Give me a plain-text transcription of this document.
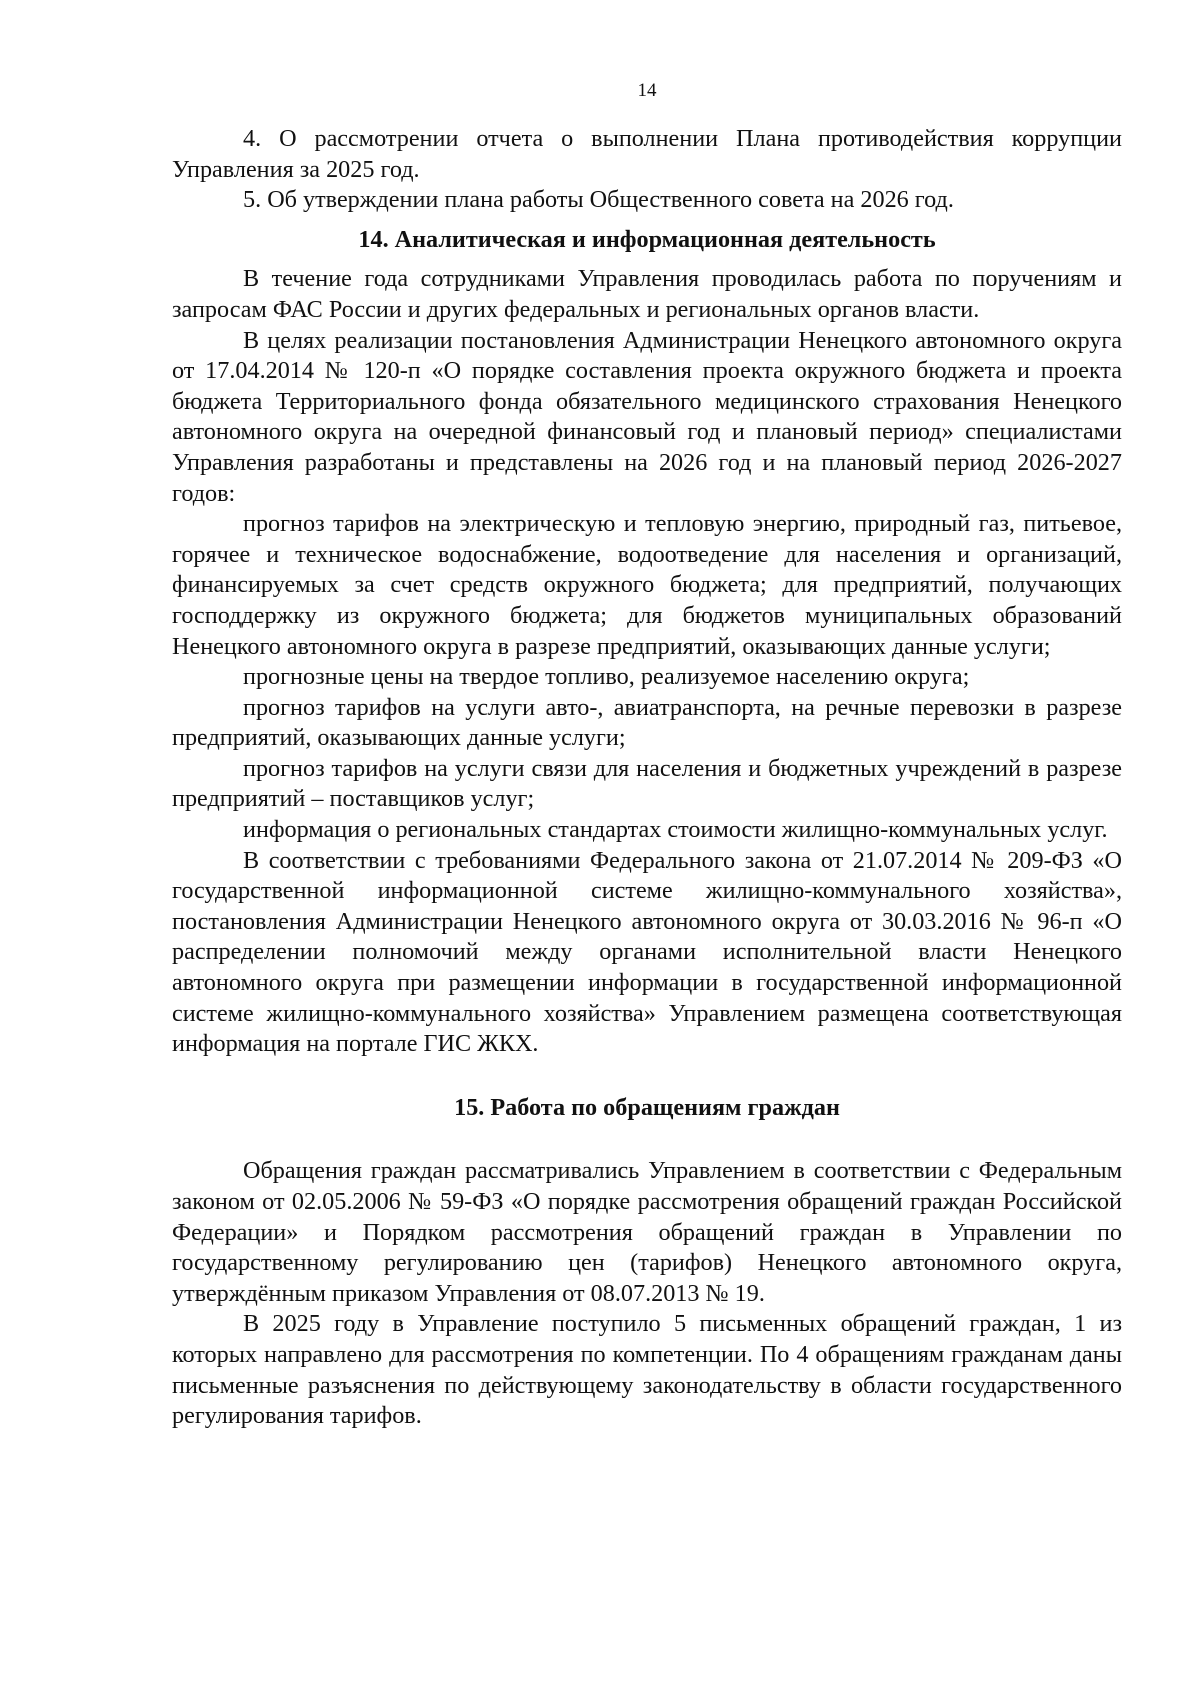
14

4. О рассмотрении отчета о выполнении Плана противодействия коррупции Управления за 2025 год.

5. Об утверждении плана работы Общественного совета на 2026 год.

14. Аналитическая и информационная деятельность

В течение года сотрудниками Управления проводилась работа по поручениям и запросам ФАС России и других федеральных и региональных органов власти.

В целях реализации постановления Администрации Ненецкого автономного округа от 17.04.2014 № 120-п «О порядке составления проекта окружного бюджета и проекта бюджета Территориального фонда обязательного медицинского страхования Ненецкого автономного округа на очередной финансовый год и плановый период» специалистами Управления разработаны и представлены на 2026 год и на плановый период 2026-2027 годов:

прогноз тарифов на электрическую и тепловую энергию, природный газ, питьевое, горячее и техническое водоснабжение, водоотведение для населения и организаций, финансируемых за счет средств окружного бюджета; для предприятий, получающих господдержку из окружного бюджета; для бюджетов муниципальных образований Ненецкого автономного округа в разрезе предприятий, оказывающих данные услуги;

прогнозные цены на твердое топливо, реализуемое населению округа;

прогноз тарифов на услуги авто-, авиатранспорта, на речные перевозки в разрезе предприятий, оказывающих данные услуги;

прогноз тарифов на услуги связи для населения и бюджетных учреждений в разрезе предприятий – поставщиков услуг;

информация о региональных стандартах стоимости жилищно-коммунальных услуг.

В соответствии с требованиями Федерального закона от 21.07.2014 № 209-ФЗ «О государственной информационной системе жилищно-коммунального хозяйства», постановления Администрации Ненецкого автономного округа от 30.03.2016 № 96-п «О распределении полномочий между органами исполнительной власти Ненецкого автономного округа при размещении информации в государственной информационной системе жилищно-коммунального хозяйства» Управлением размещена соответствующая информация на портале ГИС ЖКХ.

15. Работа по обращениям граждан

Обращения граждан рассматривались Управлением в соответствии с Федеральным законом от 02.05.2006 № 59-ФЗ «О порядке рассмотрения обращений граждан Российской Федерации» и Порядком рассмотрения обращений граждан в Управлении по государственному регулированию цен (тарифов) Ненецкого автономного округа, утверждённым приказом Управления от 08.07.2013 № 19.

В 2025 году в Управление поступило 5 письменных обращений граждан, 1 из которых направлено для рассмотрения по компетенции. По 4 обращениям гражданам даны письменные разъяснения по действующему законодательству в области государственного регулирования тарифов.
